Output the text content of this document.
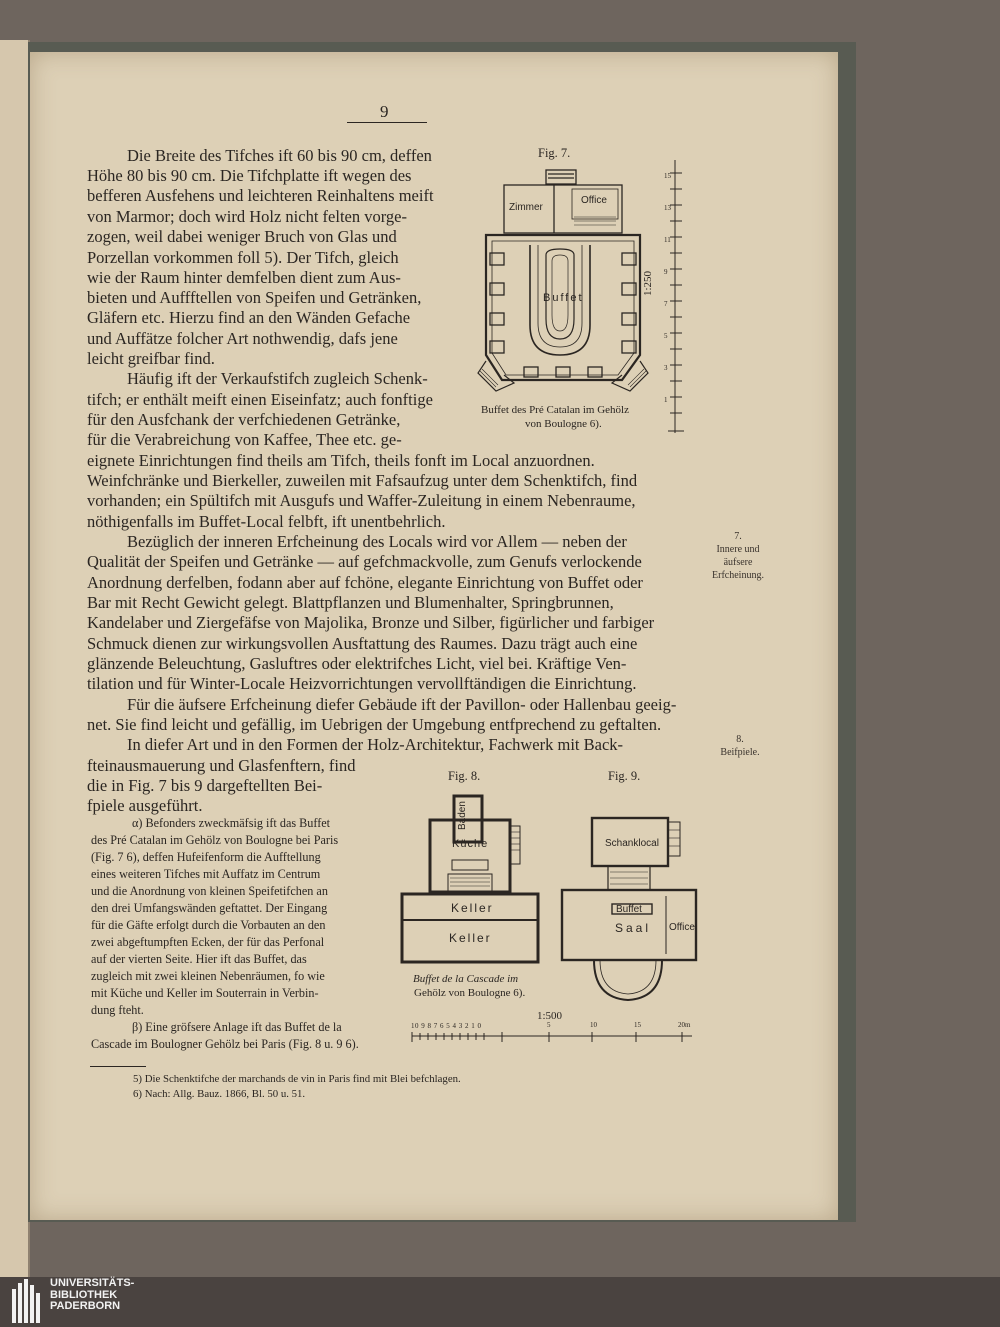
9
Die Breite des Tifches ift 60 bis 90 cm, deffen
Höhe 80 bis 90 cm. Die Tifchplatte ift wegen des
befferen Ausfehens und leichteren Reinhaltens meift
von Marmor; doch wird Holz nicht felten vorge-
zogen, weil dabei weniger Bruch von Glas und
Porzellan vorkommen foll 5). Der Tifch, gleich
wie der Raum hinter demfelben dient zum Aus-
bieten und Auffftellen von Speifen und Getränken,
Gläfern etc. Hierzu find an den Wänden Gefache
und Auffätze folcher Art nothwendig, dafs jene
leicht greifbar find.
Häufig ift der Verkaufstifch zugleich Schenk-
tifch; er enthält meift einen Eiseinfatz; auch fonftige
für den Ausfchank der verfchiedenen Getränke,
für die Verabreichung von Kaffee, Thee etc. ge-
eignete Einrichtungen find theils am Tifch, theils fonft im Local anzuordnen.
Weinfchränke und Bierkeller, zuweilen mit Fafsaufzug unter dem Schenktifch, find
vorhanden; ein Spültifch mit Ausgufs und Waffer-Zuleitung in einem Nebenraume,
nöthigenfalls im Buffet-Local felbft, ift unentbehrlich.
Bezüglich der inneren Erfcheinung des Locals wird vor Allem — neben der
Qualität der Speifen und Getränke — auf gefchmackvolle, zum Genufs verlockende
Anordnung derfelben, fodann aber auf fchöne, elegante Einrichtung von Buffet oder
Bar mit Recht Gewicht gelegt. Blattpflanzen und Blumenhalter, Springbrunnen,
Kandelaber und Ziergefäfse von Majolika, Bronze und Silber, figürlicher und farbiger
Schmuck dienen zur wirkungsvollen Ausftattung des Raumes. Dazu trägt auch eine
glänzende Beleuchtung, Gasluftres oder elektrifches Licht, viel bei. Kräftige Ven-
tilation und für Winter-Locale Heizvorrichtungen vervollftändigen die Einrichtung.
Für die äufsere Erfcheinung diefer Gebäude ift der Pavillon- oder Hallenbau geeig-
net. Sie find leicht und gefällig, im Uebrigen der Umgebung entfprechend zu geftalten.
In diefer Art und in den Formen der Holz-Architektur, Fachwerk mit Back-
fteinausmauerung und Glasfenftern, find
die in Fig. 7 bis 9 dargeftellten Bei-
fpiele ausgeführt.
α) Befonders zweckmäfsig ift das Buffet
des Pré Catalan im Gehölz von Boulogne bei Paris
(Fig. 7 6), deffen Hufeifenform die Aufftellung
eines weiteren Tifches mit Auffatz im Centrum
und die Anordnung von kleinen Speifetifchen an
den drei Umfangswänden geftattet. Der Eingang
für die Gäfte erfolgt durch die Vorbauten an den
zwei abgeftumpften Ecken, der für das Perfonal
auf der vierten Seite. Hier ift das Buffet, das
zugleich mit zwei kleinen Nebenräumen, fo wie
mit Küche und Keller im Souterrain in Verbin-
dung fteht.
β) Eine gröfsere Anlage ift das Buffet de la
Cascade im Boulogner Gehölz bei Paris (Fig. 8 u. 9 6).
5) Die Schenktifche der marchands de vin in Paris find mit Blei befchlagen.
6) Nach: Allg. Bauz. 1866, Bl. 50 u. 51.
7.
Innere und
äufsere
Erfcheinung.
8.
Beifpiele.
Fig. 7.
Zimmer
Office
Buffet
1:250
15
13
11
9
7
5
3
1
Buffet des Pré Catalan im Gehölz
von Boulogne 6).
Fig. 8.
Baden
Küche
Keller
Keller
Buffet de la Cascade im
Gehölz von Boulogne 6).
Fig. 9.
Schanklocal
Buffet
Saal Office
1:500
10 9 8 7 6 5 4 3 2 1 0	5	10	15	20m
UNIVERSITÄTS-
BIBLIOTHEK
PADERBORN
